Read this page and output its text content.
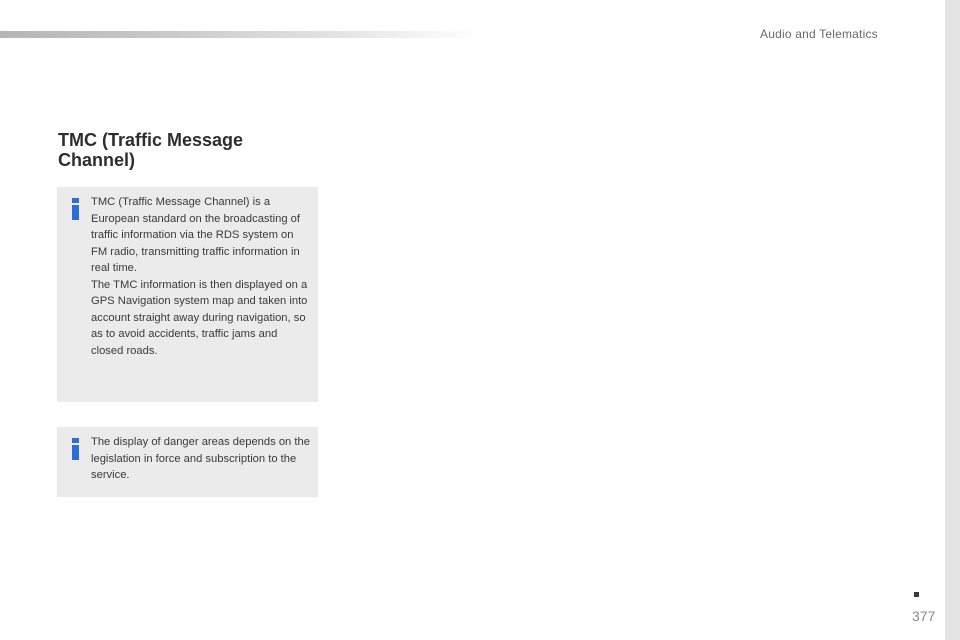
Audio and Telematics
TMC (Traffic Message Channel)

TMC (Traffic Message Channel) is a European standard on the broadcasting of traffic information via the RDS system on FM radio, transmitting traffic information in real time.

The TMC information is then displayed on a GPS Navigation system map and taken into account straight away during navigation, so as to avoid accidents, traffic jams and closed roads.

The display of danger areas depends on the legislation in force and subscription to the service.

377
